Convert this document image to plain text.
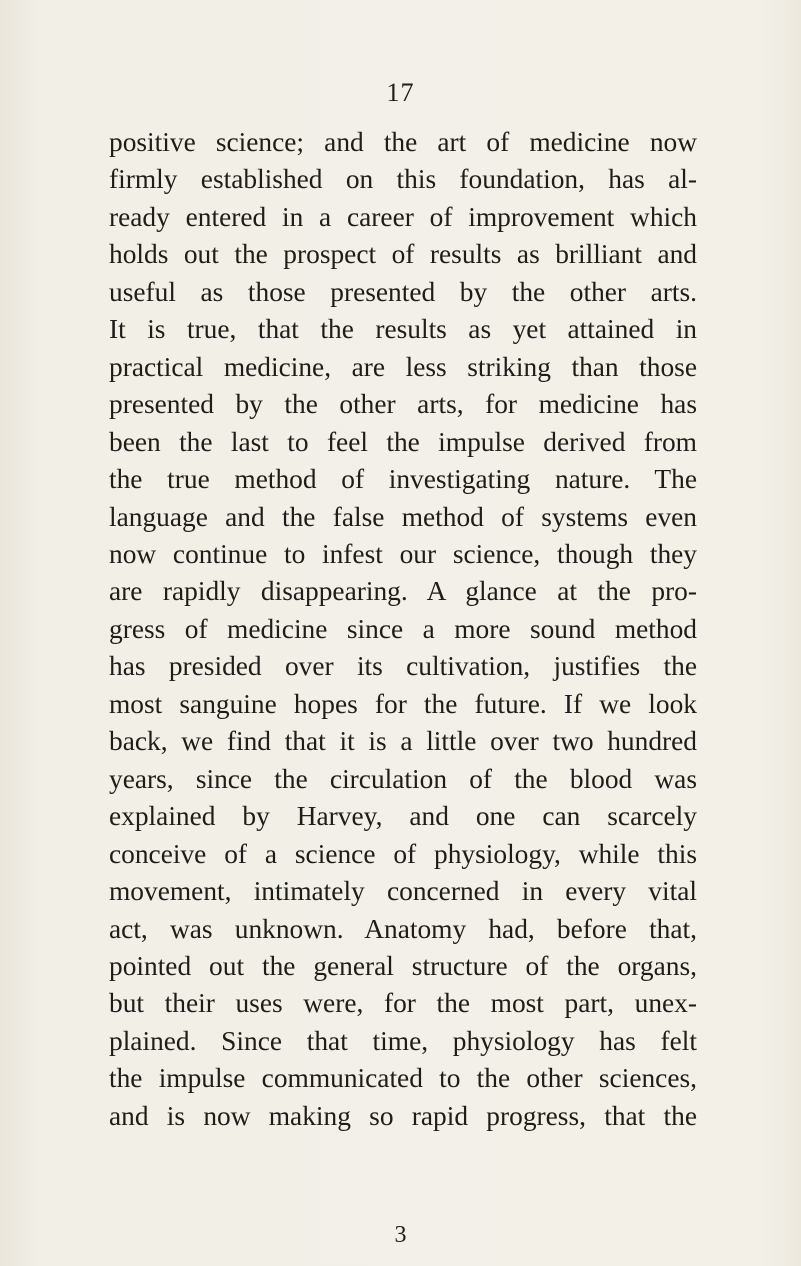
17
positive science; and the art of medicine now
firmly established on this foundation, has al-
ready entered in a career of improvement which
holds out the prospect of results as brilliant and
useful as those presented by the other arts.
It is true, that the results as yet attained in
practical medicine, are less striking than those
presented by the other arts, for medicine has
been the last to feel the impulse derived from
the true method of investigating nature. The
language and the false method of systems even
now continue to infest our science, though they
are rapidly disappearing. A glance at the pro-
gress of medicine since a more sound method
has presided over its cultivation, justifies the
most sanguine hopes for the future. If we look
back, we find that it is a little over two hundred
years, since the circulation of the blood was
explained by Harvey, and one can scarcely
conceive of a science of physiology, while this
movement, intimately concerned in every vital
act, was unknown. Anatomy had, before that,
pointed out the general structure of the organs,
but their uses were, for the most part, unex-
plained. Since that time, physiology has felt
the impulse communicated to the other sciences,
and is now making so rapid progress, that the
3
